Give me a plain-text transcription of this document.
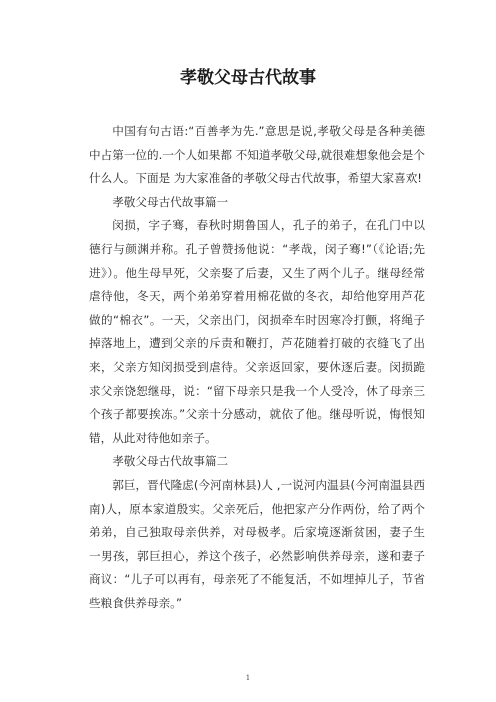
孝敬父母古代故事

中国有句古语:“百善孝为先.”意思是说,孝敬父母是各种美德中占第一位的.一个人如果都 不知道孝敬父母,就很难想象他会是个什么人。下面是 为大家准备的孝敬父母古代故事，希望大家喜欢!

孝敬父母古代故事篇一

闵损，字子骞，春秋时期鲁国人，孔子的弟子，在孔门中以德行与颜渊并称。孔子曾赞扬他说：“孝哉，闵子骞!”（《论语;先进》）。他生母早死，父亲娶了后妻，又生了两个儿子。继母经常虐待他，冬天，两个弟弟穿着用棉花做的冬衣，却给他穿用芦花做的“棉衣”。一天，父亲出门，闵损牵车时因寒冷打颤，将绳子掉落地上，遭到父亲的斥责和鞭打，芦花随着打破的衣缝飞了出来，父亲方知闵损受到虐待。父亲返回家，要休逐后妻。闵损跪求父亲饶恕继母，说：“留下母亲只是我一个人受冷，休了母亲三个孩子都要挨冻。”父亲十分感动，就依了他。继母听说，悔恨知错，从此对待他如亲子。

孝敬父母古代故事篇二

郭巨，晋代隆虑(今河南林县)人 ,一说河内温县(今河南温县西南)人，原本家道殷实。父亲死后，他把家产分作两份，给了两个弟弟，自己独取母亲供养，对母极孝。后家境逐渐贫困，妻子生一男孩，郭巨担心，养这个孩子，必然影响供养母亲，遂和妻子商议：“儿子可以再有，母亲死了不能复活，不如埋掉儿子，节省些粮食供养母亲。”

1
